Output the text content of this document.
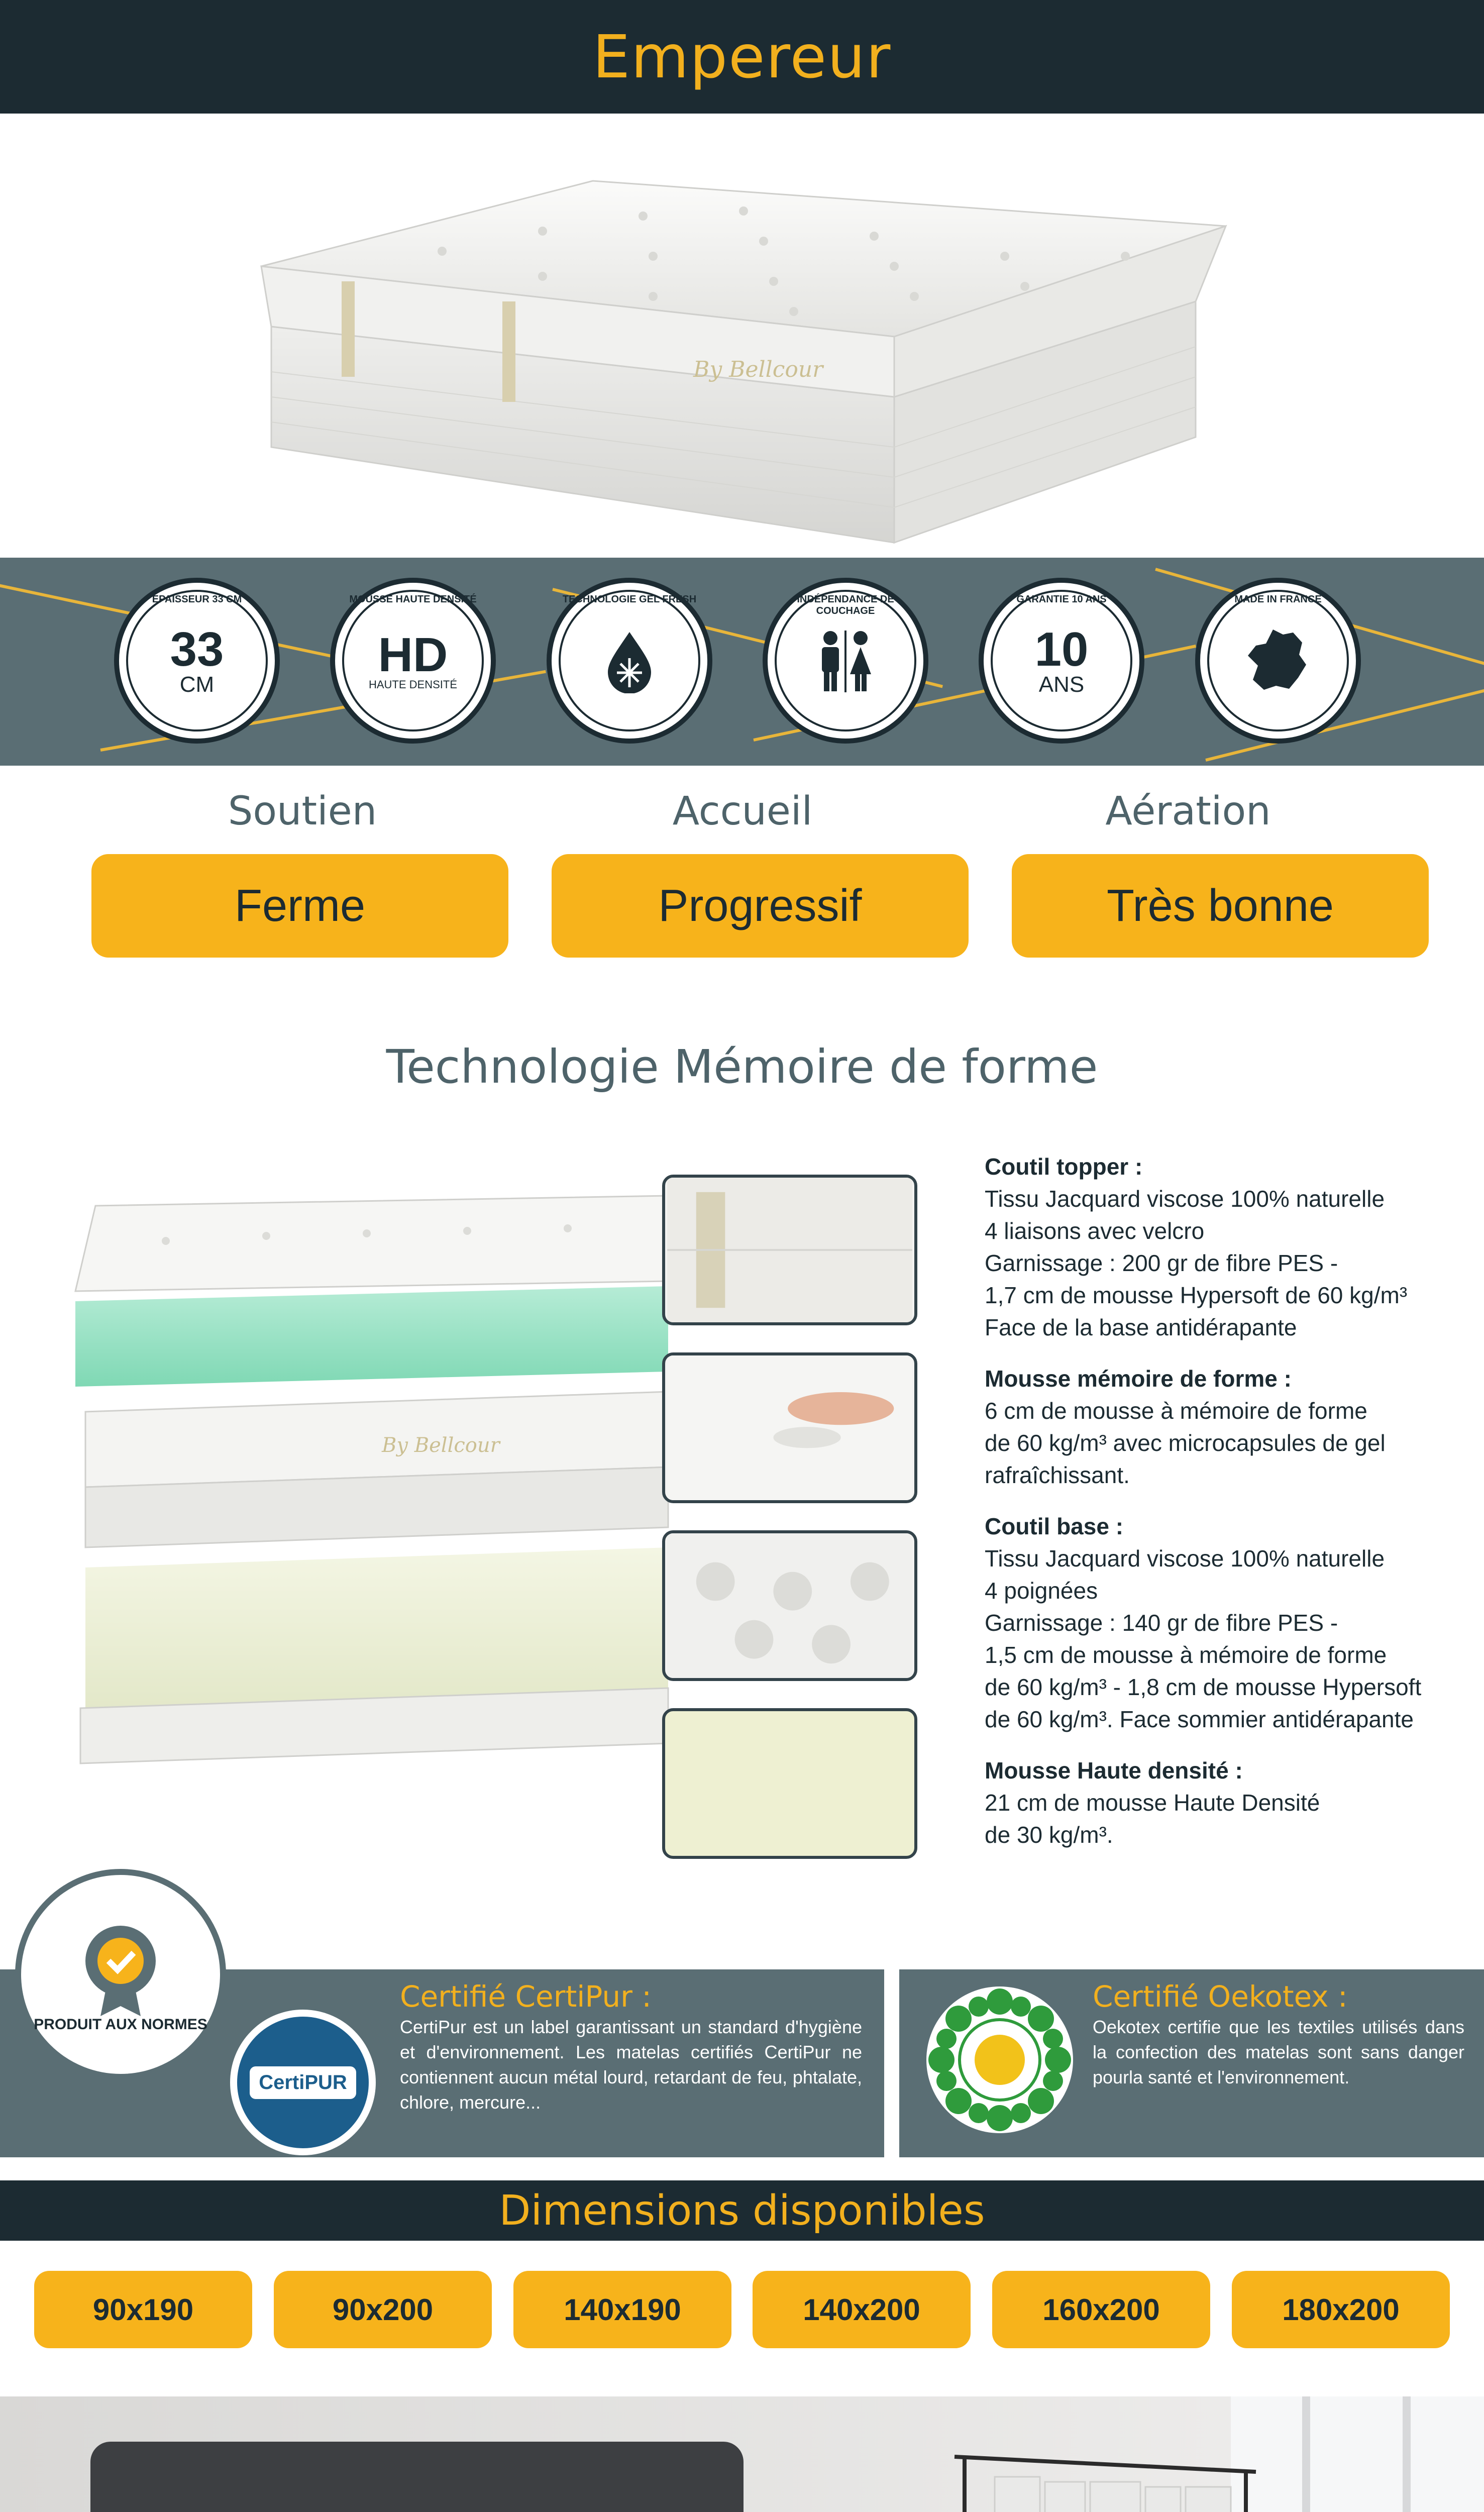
Empereur
By Bellcour
ÉPAISSEUR 33 CM
33
CM
MOUSSE HAUTE DENSITÉ
HD
HAUTE DENSITÉ
TECHNOLOGIE GEL FRESH	INDÉPENDANCE DE COUCHAGE
GARANTIE 10 ANS
10
ANS
MADE IN FRANCE
Soutien	Accueil	Aération
Ferme	Progressif	Très bonne
Technologie Mémoire de forme
By Bellcour

Coutil topper :
Tissu Jacquard viscose 100% naturelle
4 liaisons avec velcro
Garnissage : 200 gr de fibre PES -
1,7 cm de mousse Hypersoft de 60 kg/m³
Face de la base antidérapante

Mousse mémoire de forme :
6 cm de mousse à mémoire de forme
de 60 kg/m³ avec microcapsules de gel
rafraîchissant.

Coutil base :
Tissu Jacquard viscose 100% naturelle
4 poignées
Garnissage : 140 gr de fibre PES -
1,5 cm de mousse à mémoire de forme
de 60 kg/m³ - 1,8 cm de mousse Hypersoft
de 60 kg/m³. Face sommier antidérapante

Mousse Haute densité :
21 cm de mousse Haute Densité
de 30 kg/m³.

PRODUIT AUX NORMES
CertiPUR
Certifié CertiPur :
CertiPur est un label garantissant un standard d'hygiène et d'environnement. Les matelas certifiés CertiPur ne contiennent aucun métal lourd, retardant de feu, phtalate, chlore, mercure...
Certifié Oekotex :
Oekotex certifie que les textiles utilisés dans la confection des matelas sont sans danger pourla santé et l'environnement.
Dimensions disponibles
90x190	90x200	140x190	140x200	160x200	180x200
